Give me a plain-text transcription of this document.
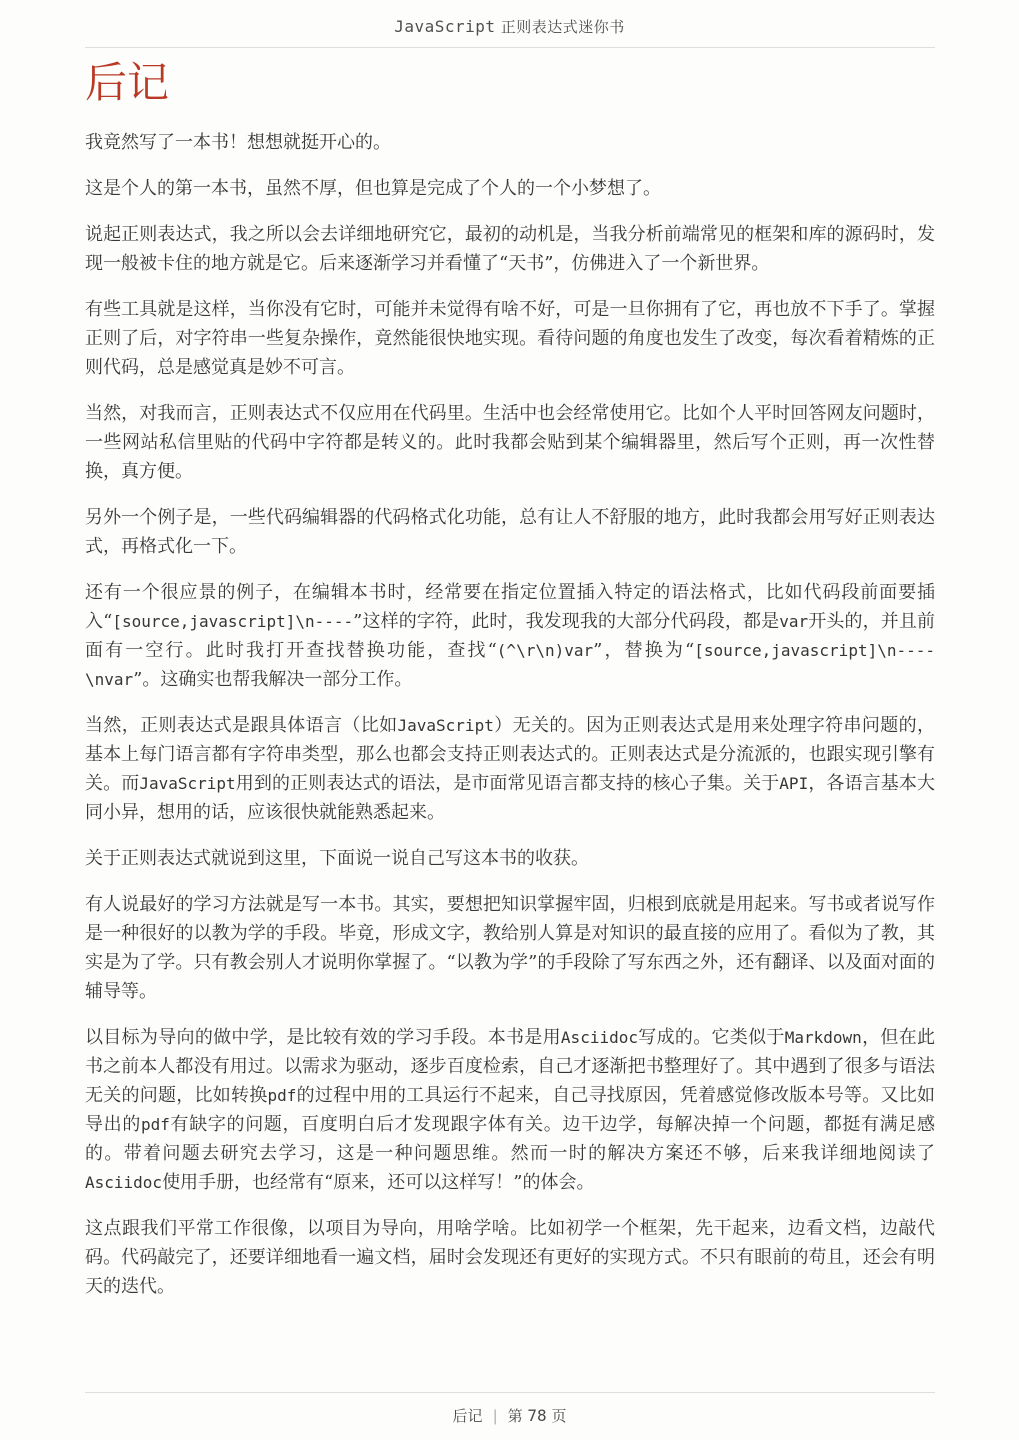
JavaScript 正则表达式迷你书
后记

我竟然写了一本书！想想就挺开心的。

这是个人的第一本书，虽然不厚，但也算是完成了个人的一个小梦想了。

说起正则表达式，我之所以会去详细地研究它，最初的动机是，当我分析前端常见的框架和库的源码时，发现一般被卡住的地方就是它。后来逐渐学习并看懂了“天书”，仿佛进入了一个新世界。

有些工具就是这样，当你没有它时，可能并未觉得有啥不好，可是一旦你拥有了它，再也放不下手了。掌握正则了后，对字符串一些复杂操作，竟然能很快地实现。看待问题的角度也发生了改变，每次看着精炼的正则代码，总是感觉真是妙不可言。

当然，对我而言，正则表达式不仅应用在代码里。生活中也会经常使用它。比如个人平时回答网友问题时，一些网站私信里贴的代码中字符都是转义的。此时我都会贴到某个编辑器里，然后写个正则，再一次性替换，真方便。

另外一个例子是，一些代码编辑器的代码格式化功能，总有让人不舒服的地方，此时我都会用写好正则表达式，再格式化一下。

还有一个很应景的例子，在编辑本书时，经常要在指定位置插入特定的语法格式，比如代码段前面要插入“[source,javascript]\n----”这样的字符，此时，我发现我的大部分代码段，都是var开头的，并且前面有一空行。此时我打开查找替换功能，查找“(^\r\n)var”，替换为“[source,javascript]\n----\nvar”。这确实也帮我解决一部分工作。

当然，正则表达式是跟具体语言（比如JavaScript）无关的。因为正则表达式是用来处理字符串问题的，基本上每门语言都有字符串类型，那么也都会支持正则表达式的。正则表达式是分流派的，也跟实现引擎有关。而JavaScript用到的正则表达式的语法，是市面常见语言都支持的核心子集。关于API，各语言基本大同小异，想用的话，应该很快就能熟悉起来。

关于正则表达式就说到这里，下面说一说自己写这本书的收获。

有人说最好的学习方法就是写一本书。其实，要想把知识掌握牢固，归根到底就是用起来。写书或者说写作是一种很好的以教为学的手段。毕竟，形成文字，教给别人算是对知识的最直接的应用了。看似为了教，其实是为了学。只有教会别人才说明你掌握了。“以教为学”的手段除了写东西之外，还有翻译、以及面对面的辅导等。

以目标为导向的做中学，是比较有效的学习手段。本书是用Asciidoc写成的。它类似于Markdown，但在此书之前本人都没有用过。以需求为驱动，逐步百度检索，自己才逐渐把书整理好了。其中遇到了很多与语法无关的问题，比如转换pdf的过程中用的工具运行不起来，自己寻找原因，凭着感觉修改版本号等。又比如导出的pdf有缺字的问题，百度明白后才发现跟字体有关。边干边学，每解决掉一个问题，都挺有满足感的。带着问题去研究去学习，这是一种问题思维。然而一时的解决方案还不够，后来我详细地阅读了Asciidoc使用手册，也经常有“原来，还可以这样写！”的体会。

这点跟我们平常工作很像，以项目为导向，用啥学啥。比如初学一个框架，先干起来，边看文档，边敲代码。代码敲完了，还要详细地看一遍文档，届时会发现还有更好的实现方式。不只有眼前的苟且，还会有明天的迭代。

后记 | 第 78 页
